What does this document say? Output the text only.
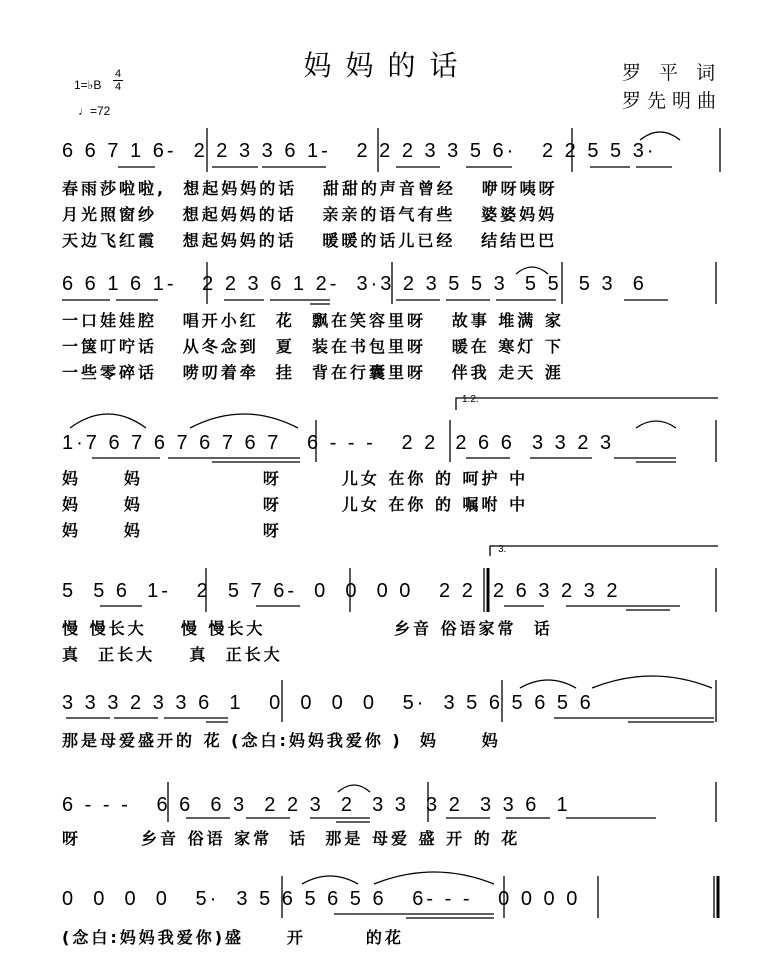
妈妈的话	罗 平 词
罗先明曲
1=♭B
4
4
♩=72
6 6 7 1 6-  2 2 3 3 6 1-   2 2 2 3 3 5 6·   2 2 5 5 3·
春雨莎啦啦,  想起妈妈的话   甜甜的声音曾经   咿呀咦呀
月光照窗纱   想起妈妈的话   亲亲的语气有些   婆婆妈妈
天边飞红霞   想起妈妈的话   暖暖的话儿已经   结结巴巴
6 6 1 6 1-   2 2 3 6 1 2-  3·3 2 3 5 5 3  5 5  5 3  6
一口娃娃腔   唱开小红  花  飘在笑容里呀   故事 堆满 家
一箧叮咛话   从冬念到  夏  装在书包里呀   暖在 寒灯 下
一些零碎话   唠叨着牵  挂  背在行囊里呀   伴我 走天 涯
1.2.
1·7 6 7 6 7 6 7 6 7   6 - - -   2 2  2 6 6  3 3 2 3
妈     妈              呀       儿女 在你 的 呵护 中
妈     妈              呀       儿女 在你 的 嘱咐 中
妈     妈              呀
3.
5  5 6  1-   2  5 7 6-  0  0  0 0   2 2  2 6 3 2 3 2
慢 慢长大    慢 慢长大               乡音 俗语家常  话
真  正长大    真  正长大
3 3 3 2 3 3 6  1   0  0  0  0   5·  3 5 6 5 6 5 6
那是母爱盛开的 花 (念白:妈妈我爱你 )  妈     妈
6 - - -   6 6  6 3  2 2 3  2  3 3  3 2  3 3 6  1
呀       乡音 俗语 家常  话  那是 母爱 盛 开 的 花
0  0  0  0   5·  3 5 6 5 6 5 6   6- - -   0 0 0 0
(念白:妈妈我爱你)盛     开       的花
